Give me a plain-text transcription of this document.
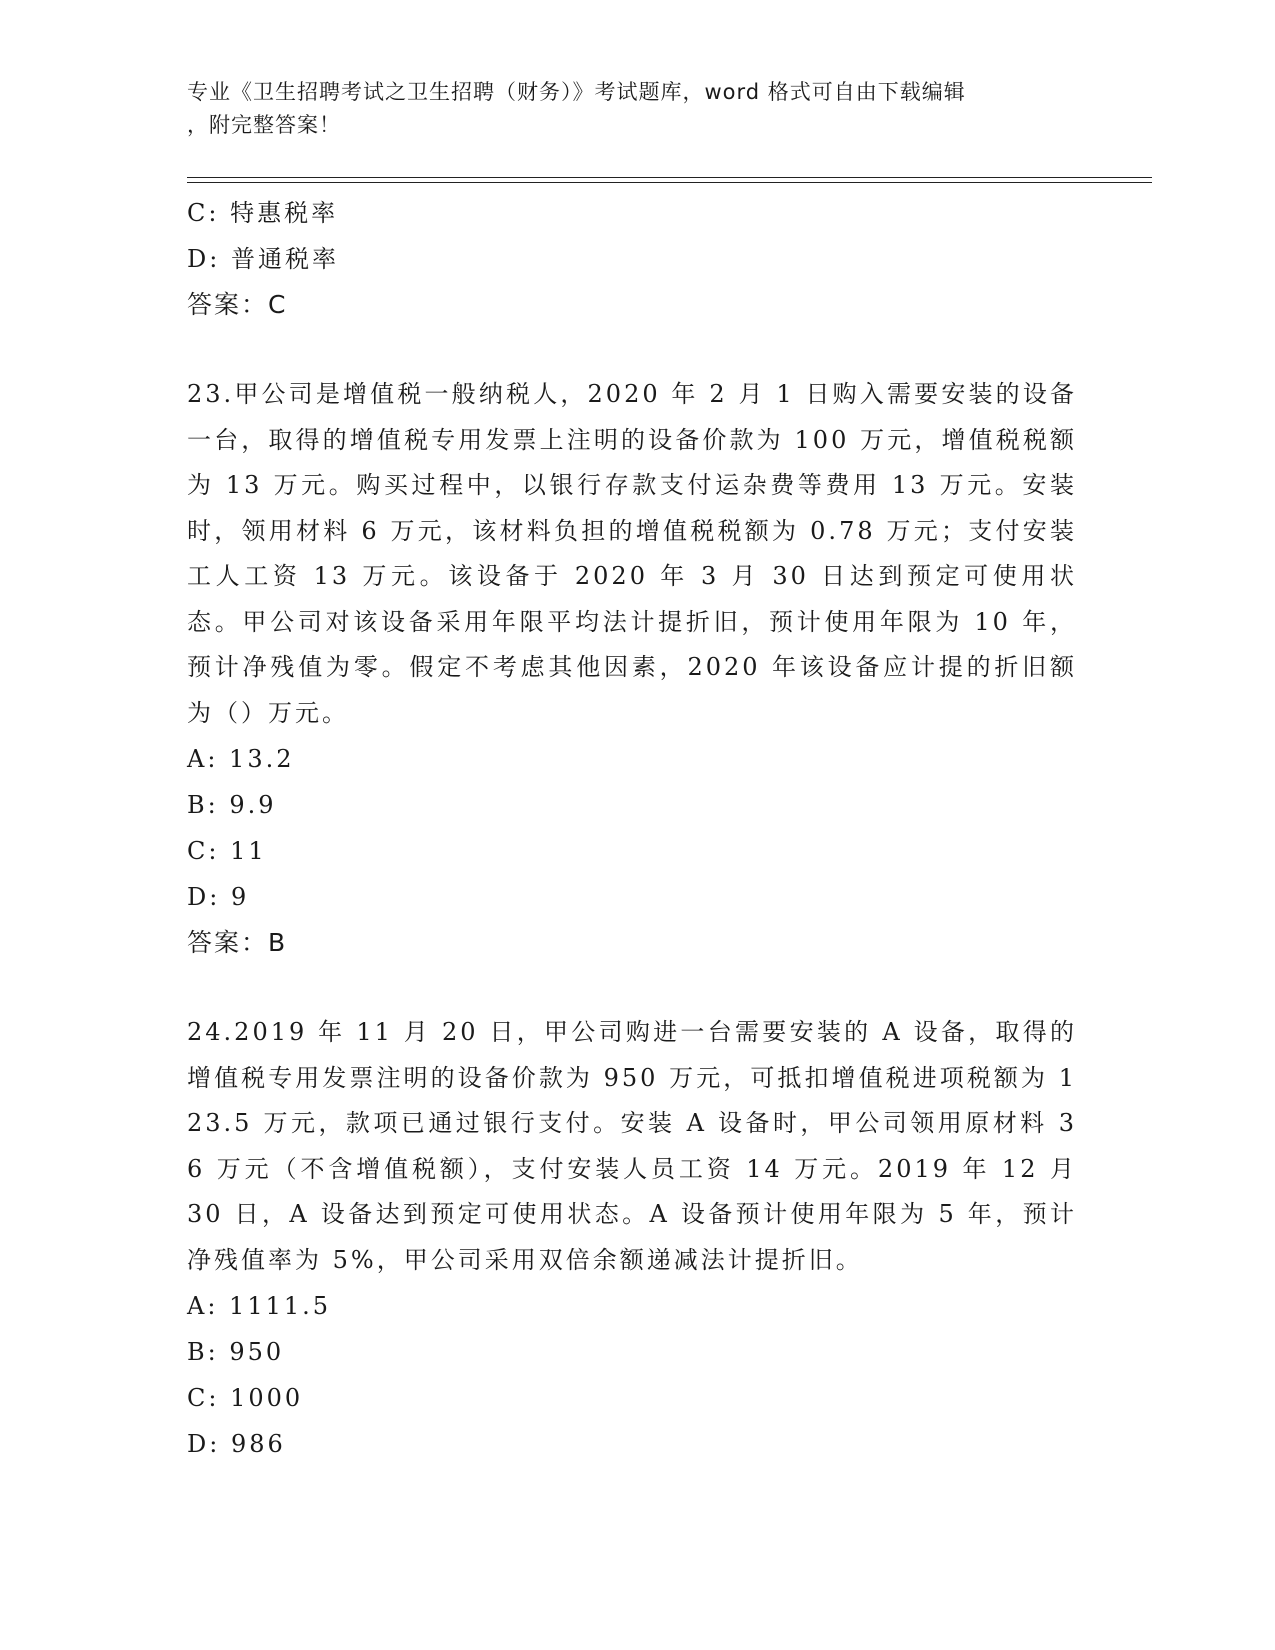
专业《卫生招聘考试之卫生招聘（财务）》考试题库，word 格式可自由下载编辑
，附完整答案！
C: 特惠税率
D: 普通税率
答案：C
23.甲公司是增值税一般纳税人，2020 年 2 月 1 日购入需要安装的设备一台，取得的增值税专用发票上注明的设备价款为 100 万元，增值税税额为 13 万元。购买过程中，以银行存款支付运杂费等费用 13 万元。安装时，领用材料 6 万元，该材料负担的增值税税额为 0.78 万元；支付安装工人工资 13 万元。该设备于 2020 年 3 月 30 日达到预定可使用状态。甲公司对该设备采用年限平均法计提折旧，预计使用年限为 10 年，预计净残值为零。假定不考虑其他因素，2020 年该设备应计提的折旧额为（）万元。
A: 13.2
B: 9.9
C: 11
D: 9
答案：B
24.2019 年 11 月 20 日，甲公司购进一台需要安装的 A 设备，取得的增值税专用发票注明的设备价款为 950 万元，可抵扣增值税进项税额为 123.5 万元，款项已通过银行支付。安装 A 设备时，甲公司领用原材料 36 万元（不含增值税额），支付安装人员工资 14 万元。2019 年 12 月 30 日，A 设备达到预定可使用状态。A 设备预计使用年限为 5 年，预计净残值率为 5%，甲公司采用双倍余额递减法计提折旧。
A: 1111.5
B: 950
C: 1000
D: 986
